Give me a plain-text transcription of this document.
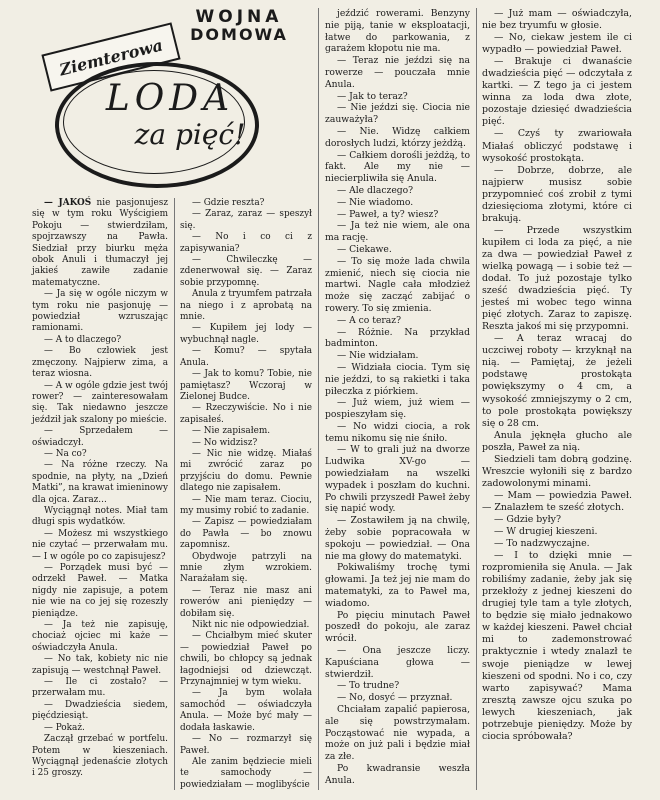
WOJNA
DOMOWA
Ziemterowa
LODA
za pięć!

— JAKOŚ nie pasjonujesz się w tym roku Wyścigiem Pokoju — stwierdziłam, spojrzawszy na Pawła. Siedział przy biurku męża obok Anuli i tłumaczył jej jakieś zawiłe zadanie matematyczne.

— Ja się w ogóle niczym w tym roku nie pasjonuję — powiedział wzruszając ramionami.

— A to dlaczego?

— Bo człowiek jest zmęczony. Najpierw zima, a teraz wiosna.

— A w ogóle gdzie jest twój rower? — zainteresowałam się. Tak niedawno jeszcze jeździł jak szalony po mieście.

— Sprzedałem — oświadczył.

— Na co?

— Na różne rzeczy. Na spodnie, na płyty, na „Dzień Matki”, na krawat imieninowy dla ojca. Zaraz...

Wyciągnął notes. Miał tam długi spis wydatków.

— Możesz mi wszystkiego nie czytać — przerwałam mu. — I w ogóle po co zapisujesz?

— Porządek musi być — odrzekł Paweł. — Matka nigdy nie zapisuje, a potem nie wie na co jej się rozeszły pieniądze.

— Ja też nie zapisuję, chociaż ojciec mi każe — oświadczyła Anula.

— No tak, kobiety nic nie zapisują — westchnął Paweł.

— Ile ci zostało? — przerwałam mu.

— Dwadzieścia siedem, pięćdziesiąt.

— Pokaż.

Zaczął grzebać w portfelu. Potem w kieszeniach. Wyciągnął jedenaście złotych i 25 groszy.

— Gdzie reszta?

— Zaraz, zaraz — speszył się.

— No i co ci z zapisywania?

— Chwileczkę — zdenerwował się. — Zaraz sobie przypomnę.

Anula z tryumfem patrzała na niego i z aprobatą na mnie.

— Kupiłem jej lody — wybuchnął nagle.

— Komu? — spytała Anula.

— Jak to komu? Tobie, nie pamiętasz? Wczoraj w Zielonej Budce.

— Rzeczywiście. No i nie zapisałeś.

— Nie zapisałem.

— No widzisz?

— Nic nie widzę. Miałaś mi zwrócić zaraz po przyjściu do domu. Pewnie dlatego nie zapisałem.

— Nie mam teraz. Ciociu, my musimy robić to zadanie.

— Zapisz — powiedziałam do Pawła — bo znowu zapomnisz.

Obydwoje patrzyli na mnie złym wzrokiem. Narażałam się.

— Teraz nie masz ani rowerów ani pieniędzy — dobiłam się.

Nikt nic nie odpowiedział.

— Chciałbym mieć skuter — powiedział Paweł po chwili, bo chłopcy są jednak łagodniejsi od dziewcząt. Przynajmniej w tym wieku.

— Ja bym wolała samochód — oświadczyła Anula. — Może być mały — dodała łaskawie.

— No — rozmarzył się Paweł.

Ale zanim będziecie mieli te samochody — powiedziałam — moglibyście

jeździć rowerami. Benzyny nie piją, tanie w eksploatacji, łatwe do parkowania, z garażem kłopotu nie ma.

— Teraz nie jeździ się na rowerze — pouczała mnie Anula.

— Jak to teraz?

— Nie jeździ się. Ciocia nie zauważyła?

— Nie. Widzę całkiem dorosłych ludzi, którzy jeżdżą.

— Całkiem dorośli jeżdżą, to fakt. Ale my nie — niecierpliwiła się Anula.

— Ale dlaczego?

— Nie wiadomo.

— Paweł, a ty? wiesz?

— Ja też nie wiem, ale ona ma rację.

— Ciekawe.

— To się może lada chwila zmienić, niech się ciocia nie martwi. Nagle cała młodzież może się zacząć zabijać o rowery. To się zmienia.

— A co teraz?

— Różnie. Na przykład badminton.

— Nie widziałam.

— Widziała ciocia. Tym się nie jeździ, to są rakietki i taka piłeczka z piórkiem.

— Już wiem, już wiem — pospieszyłam się.

— No widzi ciocia, a rok temu nikomu się nie śniło.

— W to grali już na dworze Ludwika XV-go — powiedziałam na wszelki wypadek i poszłam do kuchni. Po chwili przyszedł Paweł żeby się napić wody.

— Zostawiłem ją na chwilę, żeby sobie popracowała w spokoju — powiedział. — Ona nie ma głowy do matematyki.

Pokiwaliśmy trochę tymi głowami. Ja też jej nie mam do matematyki, za to Paweł ma, wiadomo.

Po pięciu minutach Paweł poszedł do pokoju, ale zaraz wrócił.

— Ona jeszcze liczy. Kapuściana głowa — stwierdził.

— To trudne?

— No, dosyć — przyznał.

Chciałam zapalić papierosa, ale się powstrzymałam. Począstować nie wypada, a może on już pali i będzie miał za złe.

Po kwadransie weszła Anula.

— Już mam — oświadczyła, nie bez tryumfu w głosie.

— No, ciekaw jestem ile ci wypadło — powiedział Paweł.

— Brakuje ci dwanaście dwadzieścia pięć — odczytała z kartki. — Z tego ja ci jestem winna za loda dwa złote, pozostaje dziesięć dwadzieścia pięć.

— Czyś ty zwariowała Miałaś obliczyć podstawę i wysokość prostokąta.

— Dobrze, dobrze, ale najpierw musisz sobie przypomnieć coś zrobił z tymi dziesięcioma złotymi, które ci brakują.

— Przede wszystkim kupiłem ci loda za pięć, a nie za dwa — powiedział Paweł z wielką powagą — i sobie też — dodał. To już pozostaje tylko sześć dwadzieścia pięć. Ty jesteś mi wobec tego winna pięć złotych. Zaraz to zapiszę. Reszta jakoś mi się przypomni.

— A teraz wracaj do uczciwej roboty — krzyknął na nią. — Pamiętaj, że jeżeli podstawę prostokąta powiększymy o 4 cm, a wysokość zmniejszymy o 2 cm, to pole prostokąta powiększy się o 28 cm.

Anula jęknęła głucho ale poszła, Paweł za nią.

Siedzieli tam dobrą godzinę. Wreszcie wyłoniłi się z bardzo zadowolonymi minami.

— Mam — powiedzia Paweł. — Znalazłem te sześć złotych.

— Gdzie były?

— W drugiej kieszeni.

— To nadzwyczajne.

— I to dzięki mnie — rozpromieniła się Anula. — Jak robiliśmy zadanie, żeby jak się przekłoży z jednej kieszeni do drugiej tyle tam a tyle złotych, to będzie się miało jednakowo w każdej kieszeni. Paweł chciał mi to zademonstrować praktycznie i wtedy znalazł te swoje pieniądze w lewej kieszeni od spodni. No i co, czy warto zapisywać? Mama zresztą zawsze ojcu szuka po lewych kieszeniach, jak potrzebuje pieniędzy. Może by ciocia spróbowała?
